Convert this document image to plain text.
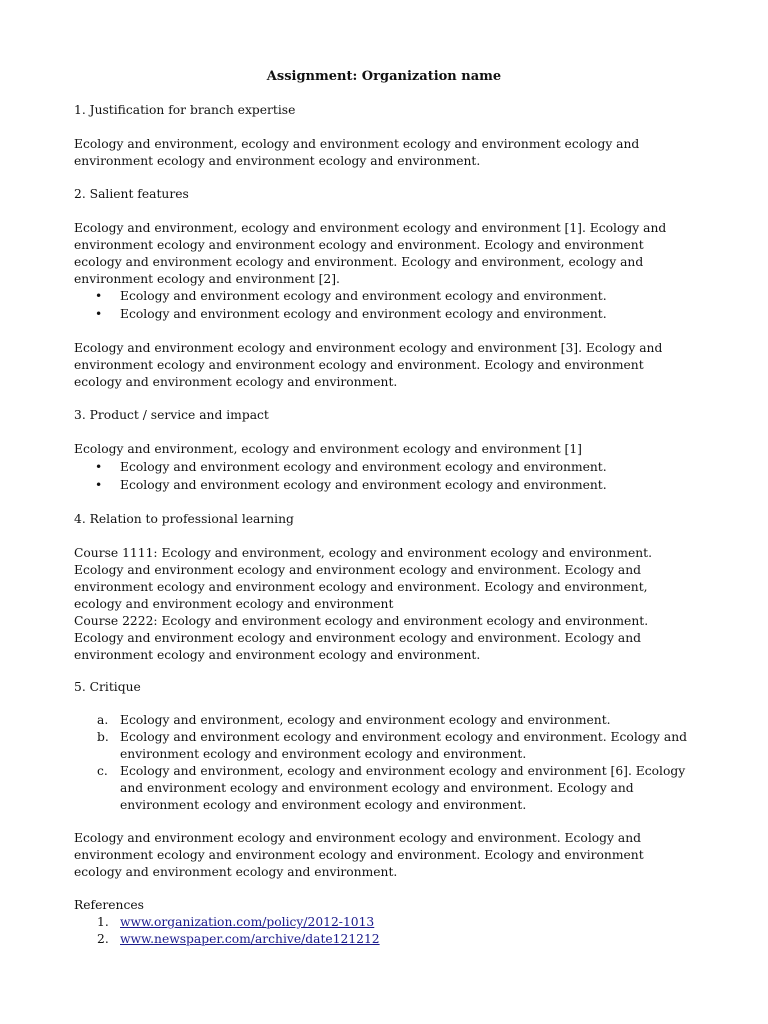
Assignment: Organization name
1. Justification for branch expertise
Ecology and environment, ecology and environment ecology and environment ecology and
environment ecology and environment ecology and environment.
2. Salient features
Ecology and environment, ecology and environment ecology and environment [1]. Ecology and
environment ecology and environment ecology and environment. Ecology and environment
ecology and environment ecology and environment. Ecology and environment, ecology and
environment ecology and environment [2].
• Ecology and environment ecology and environment ecology and environment.
• Ecology and environment ecology and environment ecology and environment.
Ecology and environment ecology and environment ecology and environment [3]. Ecology and
environment ecology and environment ecology and environment. Ecology and environment
ecology and environment ecology and environment.
3. Product / service and impact
Ecology and environment, ecology and environment ecology and environment [1]
• Ecology and environment ecology and environment ecology and environment.
• Ecology and environment ecology and environment ecology and environment.
4. Relation to professional learning
Course 1111: Ecology and environment, ecology and environment ecology and environment.
Ecology and environment ecology and environment ecology and environment. Ecology and
environment ecology and environment ecology and environment. Ecology and environment,
ecology and environment ecology and environment
Course 2222: Ecology and environment ecology and environment ecology and environment.
Ecology and environment ecology and environment ecology and environment. Ecology and
environment ecology and environment ecology and environment.
5. Critique
a. Ecology and environment, ecology and environment ecology and environment.
b. Ecology and environment ecology and environment ecology and environment. Ecology and
environment ecology and environment ecology and environment.
c. Ecology and environment, ecology and environment ecology and environment [6]. Ecology
and environment ecology and environment ecology and environment. Ecology and
environment ecology and environment ecology and environment.
Ecology and environment ecology and environment ecology and environment. Ecology and
environment ecology and environment ecology and environment. Ecology and environment
ecology and environment ecology and environment.
References
1. www.organization.com/policy/2012-1013
2. www.newspaper.com/archive/date121212
